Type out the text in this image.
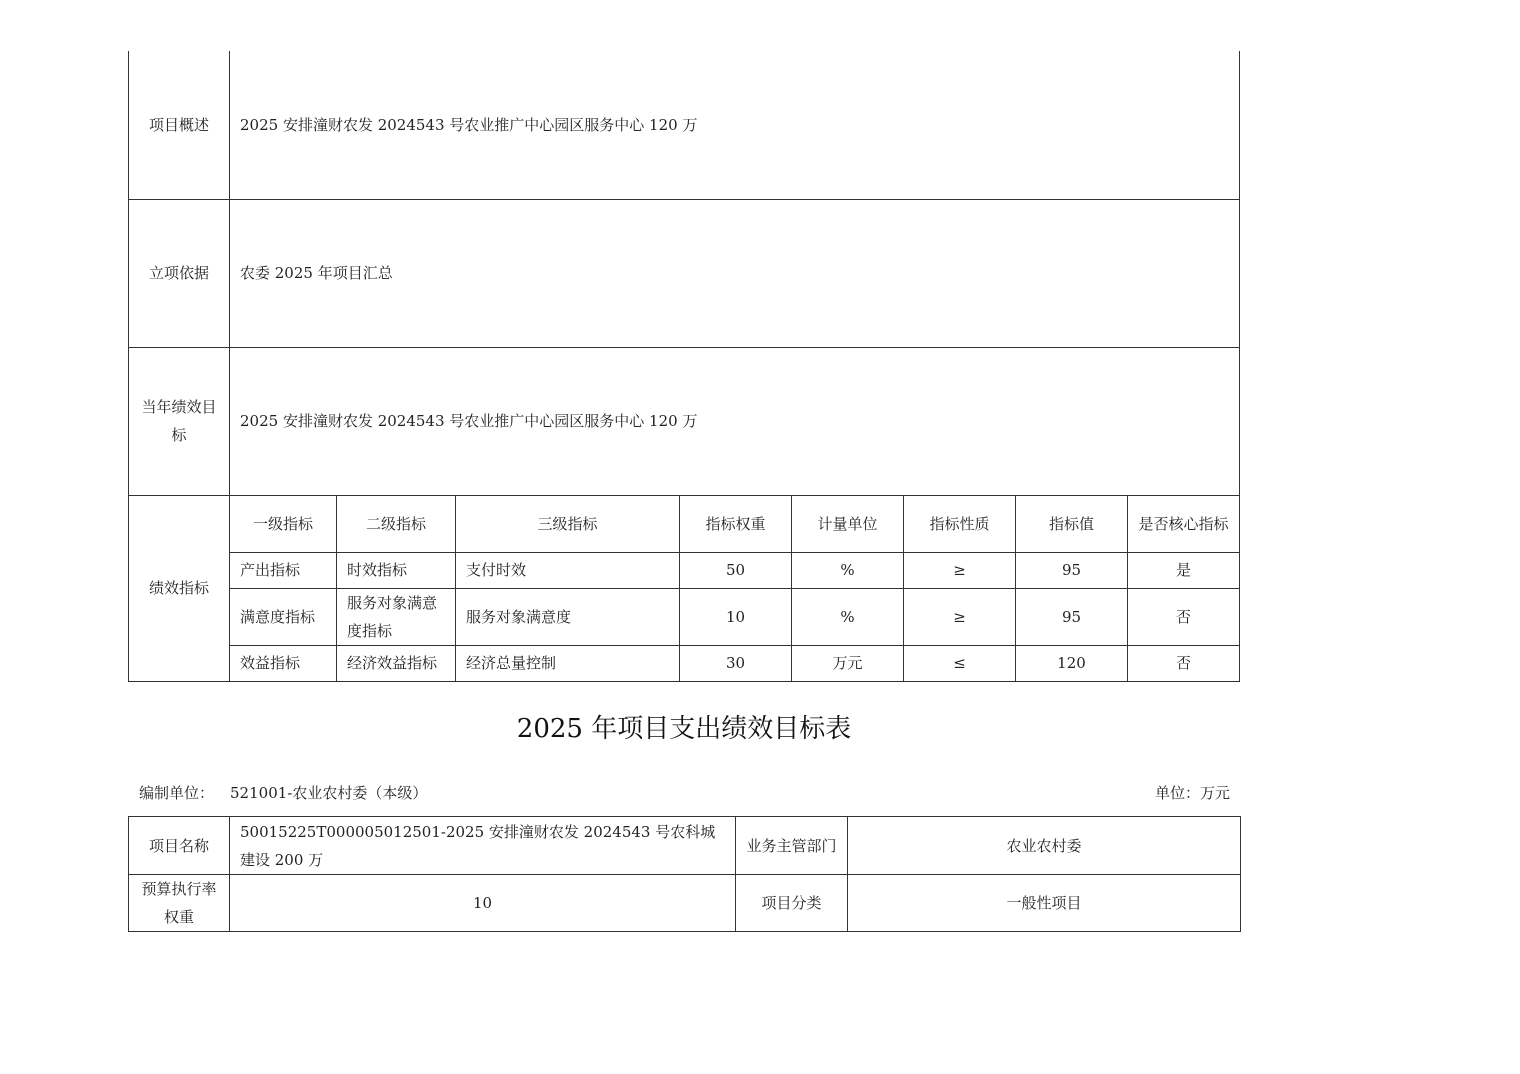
项目概述	2025 安排潼财农发 2024543 号农业推广中心园区服务中心 120 万							
立项依据	农委 2025 年项目汇总							
当年绩效目标	2025 安排潼财农发 2024543 号农业推广中心园区服务中心 120 万							
绩效指标	一级指标	二级指标	三级指标	指标权重	计量单位	指标性质	指标值	是否核心指标
	产出指标	时效指标	支付时效	50	%	≥	95	是
	满意度指标	服务对象满意度指标	服务对象满意度	10	%	≥	95	否
	效益指标	经济效益指标	经济总量控制	30	万元	≤	120	否
2025 年项目支出绩效目标表
编制单位： 521001-农业农村委（本级）	单位：万元
项目名称	50015225T000005012501-2025 安排潼财农发 2024543 号农科城建设 200 万	业务主管部门	农业农村委
预算执行率权重	10	项目分类	一般性项目
